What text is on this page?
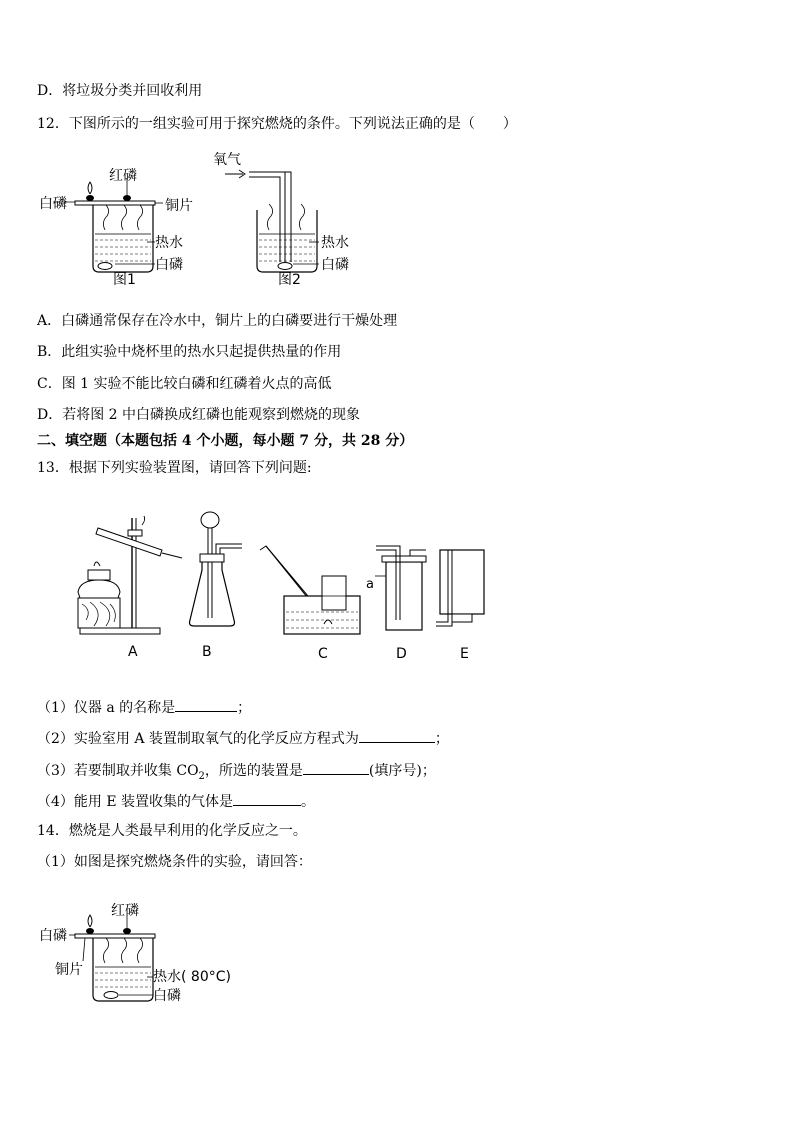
D．将垃圾分类并回收利用
12．下图所示的一组实验可用于探究燃烧的条件。下列说法正确的是（　　）
红磷
白磷	铜片
热水
白磷
图1
氧气
热水
白磷
图2
A．白磷通常保存在冷水中，铜片上的白磷要进行干燥处理
B．此组实验中烧杯里的热水只起提供热量的作用
C．图 1 实验不能比较白磷和红磷着火点的高低
D．若将图 2 中白磷换成红磷也能观察到燃烧的现象
二、填空题（本题包括 4 个小题，每小题 7 分，共 28 分）
13．根据下列实验装置图，请回答下列问题:
a
A	B	C	D	E
（1）仪器 a 的名称是	；
（2）实验室用 A 装置制取氧气的化学反应方程式为	；
（3）若要制取并收集 $CO_2$，所选的装置是	(填序号)；
（4）能用 E 装置收集的气体是	。
14．燃烧是人类最早利用的化学反应之一。
（1）如图是探究燃烧条件的实验，请回答：
红磷
白磷
铜片	热水( 80°C)
白磷
